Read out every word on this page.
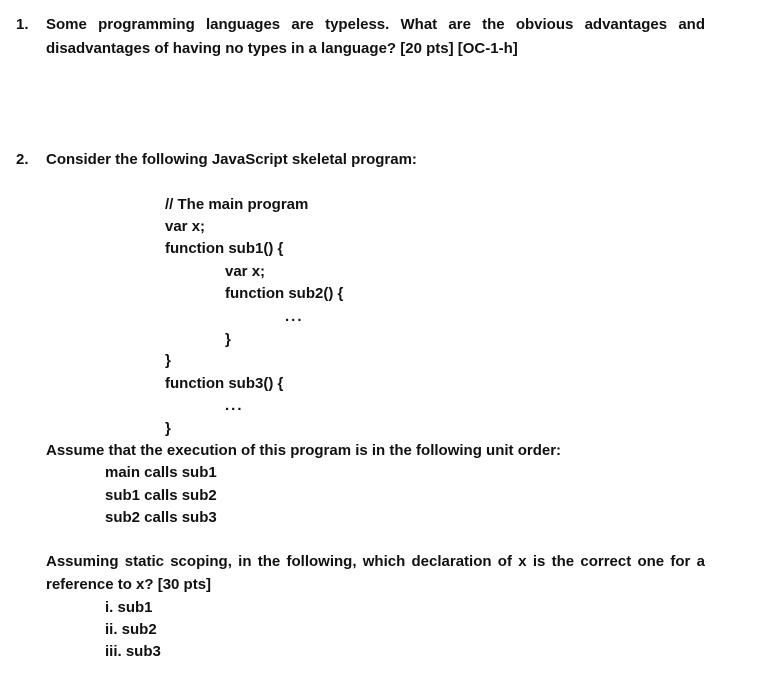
1. Some programming languages are typeless. What are the obvious advantages and
disadvantages of having no types in a language? [20 pts] [OC-1-h]
2. Consider the following JavaScript skeletal program:
// The main program
var x;
function sub1() {
var x;
function sub2() {
...
}
}
function sub3() {
...
}
Assume that the execution of this program is in the following unit order:
main calls sub1
sub1 calls sub2
sub2 calls sub3
Assuming static scoping, in the following, which declaration of x is the correct one for a
reference to x? [30 pts]
i. sub1
ii. sub2
iii. sub3
